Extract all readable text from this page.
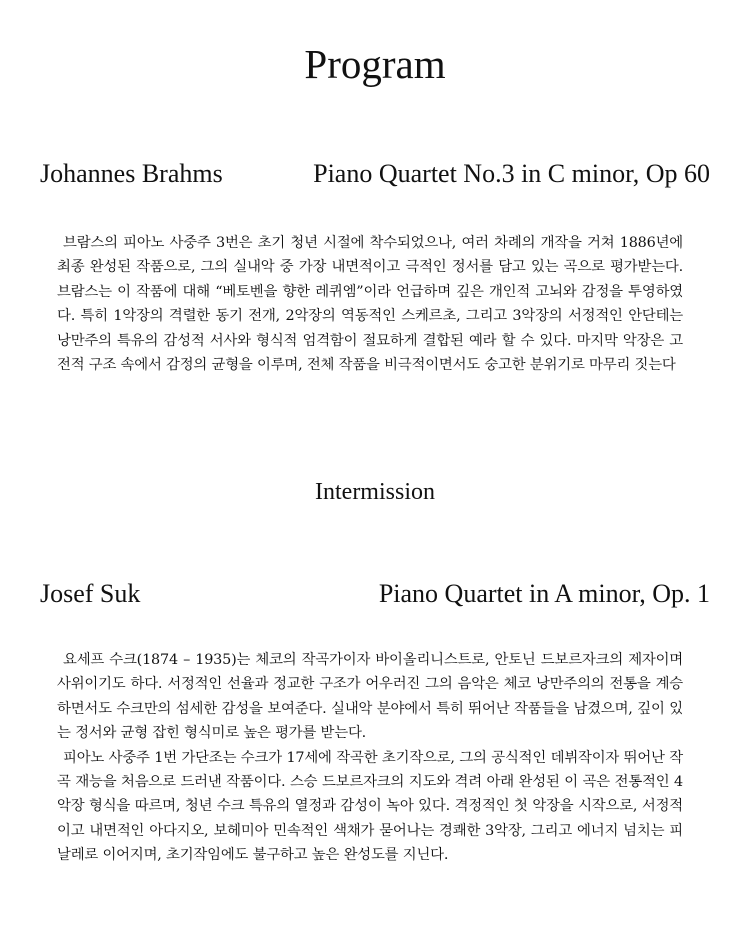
Program
Johannes Brahms	Piano Quartet No.3 in C minor, Op 60

브람스의 피아노 사중주 3번은 초기 청년 시절에 착수되었으나, 여러 차례의 개작을 거쳐 1886년에 최종 완성된 작품으로, 그의 실내악 중 가장 내면적이고 극적인 정서를 담고 있는 곡으로 평가받는다. 브람스는 이 작품에 대해 “베토벤을 향한 레퀴엠”이라 언급하며 깊은 개인적 고뇌와 감정을 투영하였다. 특히 1악장의 격렬한 동기 전개, 2악장의 역동적인 스케르초, 그리고 3악장의 서정적인 안단테는 낭만주의 특유의 감성적 서사와 형식적 엄격함이 절묘하게 결합된 예라 할 수 있다. 마지막 악장은 고전적 구조 속에서 감정의 균형을 이루며, 전체 작품을 비극적이면서도 숭고한 분위기로 마무리 짓는다

Intermission
Josef Suk	Piano Quartet in A minor, Op. 1

요세프 수크(1874 – 1935)는 체코의 작곡가이자 바이올리니스트로, 안토닌 드보르자크의 제자이며 사위이기도 하다. 서정적인 선율과 정교한 구조가 어우러진 그의 음악은 체코 낭만주의의 전통을 계승하면서도 수크만의 섬세한 감성을 보여준다. 실내악 분야에서 특히 뛰어난 작품들을 남겼으며, 깊이 있는 정서와 균형 잡힌 형식미로 높은 평가를 받는다.

피아노 사중주 1번 가단조는 수크가 17세에 작곡한 초기작으로, 그의 공식적인 데뷔작이자 뛰어난 작곡 재능을 처음으로 드러낸 작품이다. 스승 드보르자크의 지도와 격려 아래 완성된 이 곡은 전통적인 4악장 형식을 따르며, 청년 수크 특유의 열정과 감성이 녹아 있다. 격정적인 첫 악장을 시작으로, 서정적이고 내면적인 아다지오, 보헤미아 민속적인 색채가 묻어나는 경쾌한 3악장, 그리고 에너지 넘치는 피날레로 이어지며, 초기작임에도 불구하고 높은 완성도를 지닌다.
